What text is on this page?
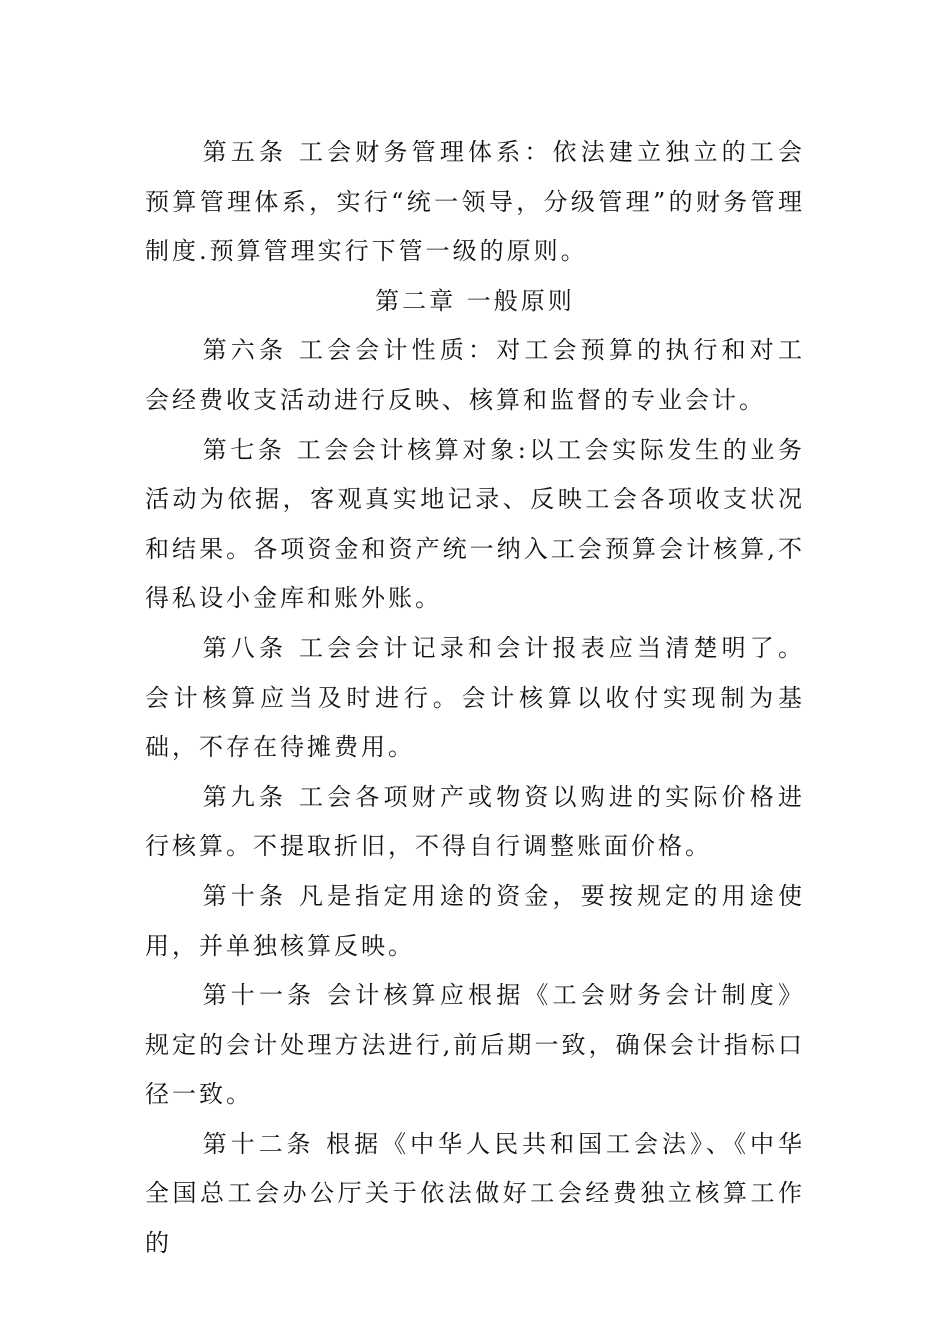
第五条 工会财务管理体系：依法建立独立的工会预算管理体系，实行“统一领导，分级管理”的财务管理制度.预算管理实行下管一级的原则。

第二章 一般原则

第六条 工会会计性质：对工会预算的执行和对工会经费收支活动进行反映、核算和监督的专业会计。

第七条 工会会计核算对象:以工会实际发生的业务活动为依据，客观真实地记录、反映工会各项收支状况和结果。各项资金和资产统一纳入工会预算会计核算,不得私设小金库和账外账。

第八条 工会会计记录和会计报表应当清楚明了。会计核算应当及时进行。会计核算以收付实现制为基础，不存在待摊费用。

第九条 工会各项财产或物资以购进的实际价格进行核算。不提取折旧，不得自行调整账面价格。

第十条 凡是指定用途的资金，要按规定的用途使用，并单独核算反映。

第十一条 会计核算应根据《工会财务会计制度》规定的会计处理方法进行,前后期一致，确保会计指标口径一致。

第十二条 根据《中华人民共和国工会法》、《中华全国总工会办公厅关于依法做好工会经费独立核算工作的
